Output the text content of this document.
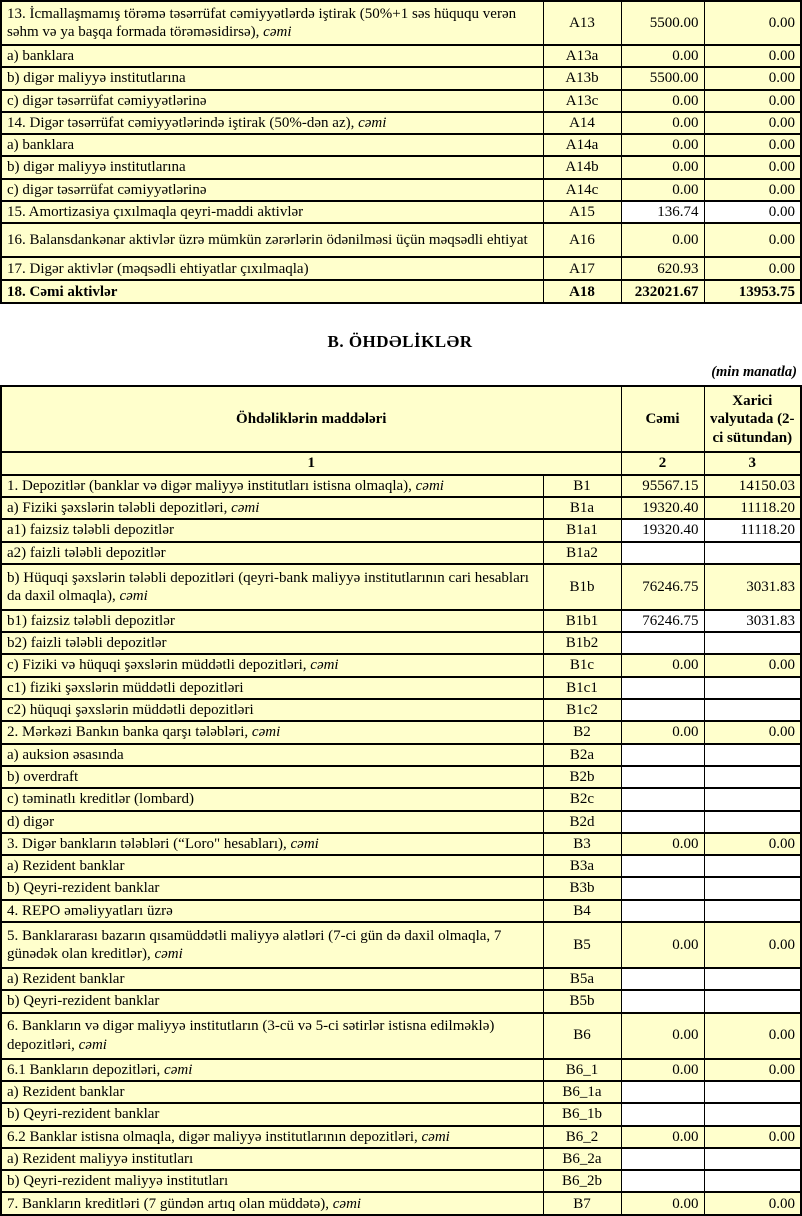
13. İcmallaşmamış törəmə təsərrüfat cəmiyyətlərdə iştirak (50%+1 səs hüququ verən səhm və ya başqa formada törəməsidirsə), cəmi	A13	5500.00	0.00
a) banklara	A13a	0.00	0.00
b) digər maliyyə institutlarına	A13b	5500.00	0.00
c) digər təsərrüfat cəmiyyətlərinə	A13c	0.00	0.00
14. Digər təsərrüfat cəmiyyətlərində iştirak (50%-dən az), cəmi	A14	0.00	0.00
a) banklara	A14a	0.00	0.00
b) digər maliyyə institutlarına	A14b	0.00	0.00
c) digər təsərrüfat cəmiyyətlərinə	A14c	0.00	0.00
15. Amortizasiya çıxılmaqla qeyri-maddi aktivlər	A15	136.74	0.00
16. Balansdankənar aktivlər üzrə mümkün zərərlərin ödənilməsi üçün məqsədli ehtiyat	A16	0.00	0.00
17. Digər aktivlər (məqsədli ehtiyatlar çıxılmaqla)	A17	620.93	0.00
18. Cəmi aktivlər	A18	232021.67	13953.75
B. ÖHDƏLİKLƏR
(min manatla)
Öhdəliklərin maddələri		Cəmi	Xarici valyutada (2-ci sütundan)
1		2	3
1. Depozitlər (banklar və digər maliyyə institutları istisna olmaqla), cəmi	B1	95567.15	14150.03
a) Fiziki şəxslərin tələbli depozitləri, cəmi	B1a	19320.40	11118.20
a1) faizsiz tələbli depozitlər	B1a1	19320.40	11118.20
a2) faizli tələbli depozitlər	B1a2		
b) Hüquqi şəxslərin tələbli depozitləri (qeyri-bank maliyyə institutlarının cari hesabları da daxil olmaqla), cəmi	B1b	76246.75	3031.83
b1) faizsiz tələbli depozitlər	B1b1	76246.75	3031.83
b2) faizli tələbli depozitlər	B1b2		
c) Fiziki və hüquqi şəxslərin müddətli depozitləri, cəmi	B1c	0.00	0.00
c1) fiziki şəxslərin müddətli depozitləri	B1c1		
c2) hüquqi şəxslərin müddətli depozitləri	B1c2		
2. Mərkəzi Bankın banka qarşı tələbləri, cəmi	B2	0.00	0.00
a) auksion əsasında	B2a		
b) overdraft	B2b		
c) təminatlı kreditlər (lombard)	B2c		
d) digər	B2d		
3. Digər bankların tələbləri (“Loro" hesabları), cəmi	B3	0.00	0.00
a) Rezident banklar	B3a		
b) Qeyri-rezident banklar	B3b		
4. REPO əməliyyatları üzrə	B4		
5. Banklararası bazarın qısamüddətli maliyyə alətləri (7-ci gün də daxil olmaqla, 7 günədək olan kreditlər), cəmi	B5	0.00	0.00
a) Rezident banklar	B5a		
b) Qeyri-rezident banklar	B5b		
6. Bankların və digər maliyyə institutların (3-cü və 5-ci sətirlər istisna edilməklə) depozitləri, cəmi	B6	0.00	0.00
6.1 Bankların depozitləri, cəmi	B6_1	0.00	0.00
a) Rezident banklar	B6_1a		
b) Qeyri-rezident banklar	B6_1b		
6.2 Banklar istisna olmaqla, digər maliyyə institutlarının depozitləri, cəmi	B6_2	0.00	0.00
a) Rezident maliyyə institutları	B6_2a		
b) Qeyri-rezident maliyyə institutları	B6_2b		
7. Bankların kreditləri (7 gündən artıq olan müddətə), cəmi	B7	0.00	0.00
